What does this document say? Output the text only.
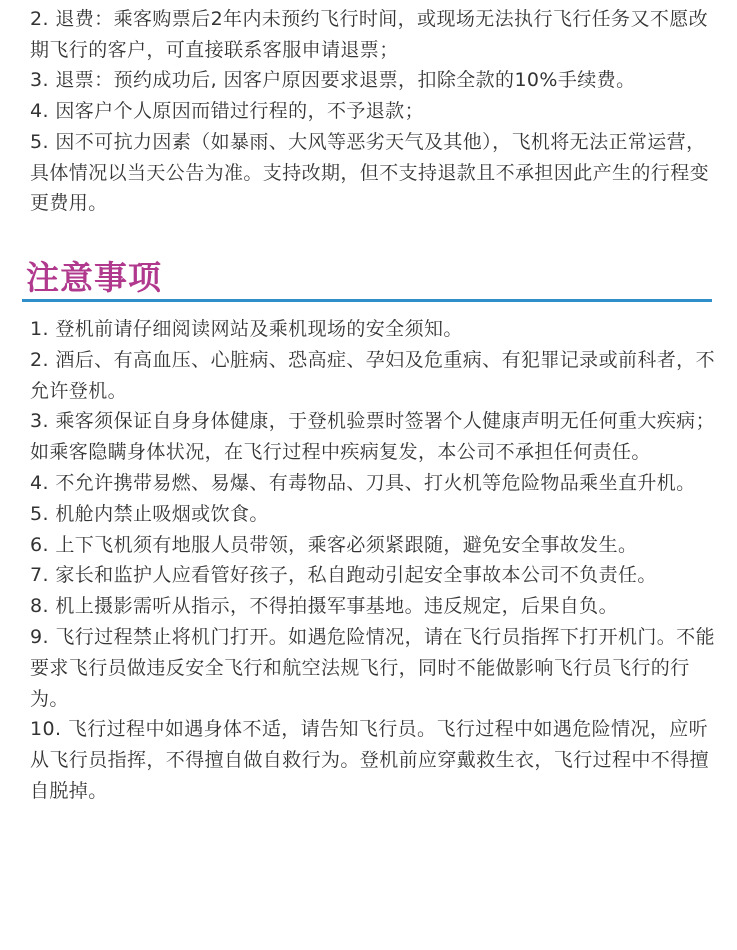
2. 退费：乘客购票后2年内未预约飞行时间，或现场无法执行飞行任务又不愿改期飞行的客户，可直接联系客服申请退票；

3. 退票：预约成功后, 因客户原因要求退票，扣除全款的10%手续费。

4. 因客户个人原因而错过行程的，不予退款；

5. 因不可抗力因素（如暴雨、大风等恶劣天气及其他），飞机将无法正常运营，具体情况以当天公告为准。支持改期，但不支持退款且不承担因此产生的行程变更费用。

注意事项

1. 登机前请仔细阅读网站及乘机现场的安全须知。

2. 酒后、有高血压、心脏病、恐高症、孕妇及危重病、有犯罪记录或前科者，不允许登机。

3. 乘客须保证自身身体健康，于登机验票时签署个人健康声明无任何重大疾病；如乘客隐瞒身体状况，在飞行过程中疾病复发，本公司不承担任何责任。

4. 不允许携带易燃、易爆、有毒物品、刀具、打火机等危险物品乘坐直升机。

5. 机舱内禁止吸烟或饮食。

6. 上下飞机须有地服人员带领，乘客必须紧跟随，避免安全事故发生。

7. 家长和监护人应看管好孩子，私自跑动引起安全事故本公司不负责任。

8. 机上摄影需听从指示，不得拍摄军事基地。违反规定，后果自负。

9. 飞行过程禁止将机门打开。如遇危险情况，请在飞行员指挥下打开机门。不能要求飞行员做违反安全飞行和航空法规飞行，同时不能做影响飞行员飞行的行为。

10. 飞行过程中如遇身体不适，请告知飞行员。飞行过程中如遇危险情况，应听从飞行员指挥，不得擅自做自救行为。登机前应穿戴救生衣，飞行过程中不得擅自脱掉。
